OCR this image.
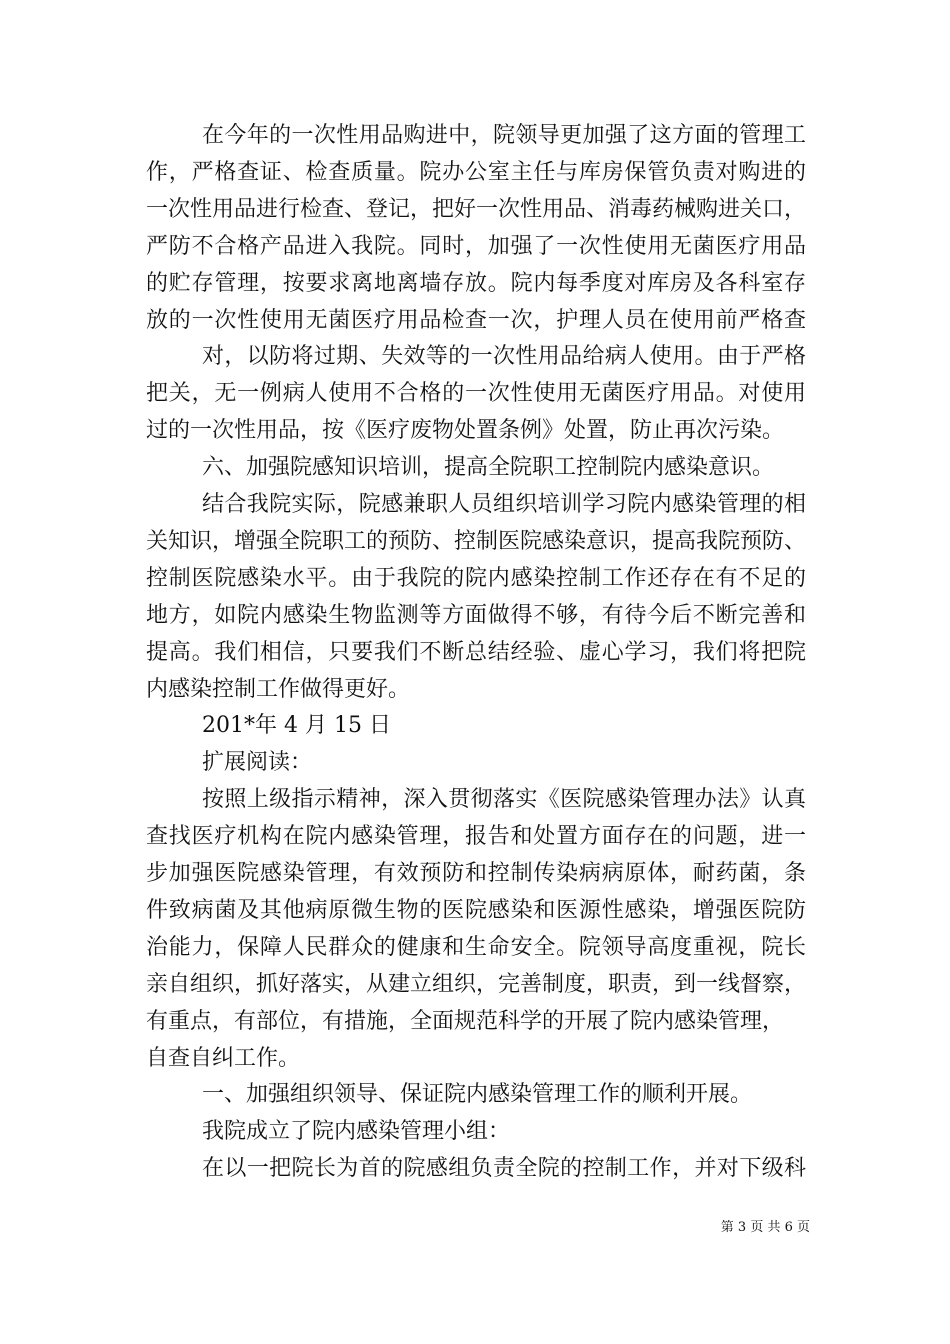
在今年的一次性用品购进中，院领导更加强了这方面的管理工
作，严格查证、检查质量。院办公室主任与库房保管负责对购进的
一次性用品进行检查、登记，把好一次性用品、消毒药械购进关口，
严防不合格产品进入我院。同时，加强了一次性使用无菌医疗用品
的贮存管理，按要求离地离墙存放。院内每季度对库房及各科室存
放的一次性使用无菌医疗用品检查一次，护理人员在使用前严格查
对，以防将过期、失效等的一次性用品给病人使用。由于严格
把关，无一例病人使用不合格的一次性使用无菌医疗用品。对使用
过的一次性用品，按《医疗废物处置条例》处置，防止再次污染。
六、加强院感知识培训，提高全院职工控制院内感染意识。
结合我院实际，院感兼职人员组织培训学习院内感染管理的相
关知识，增强全院职工的预防、控制医院感染意识，提高我院预防、
控制医院感染水平。由于我院的院内感染控制工作还存在有不足的
地方，如院内感染生物监测等方面做得不够，有待今后不断完善和
提高。我们相信，只要我们不断总结经验、虚心学习，我们将把院
内感染控制工作做得更好。
201*年 4 月 15 日
扩展阅读：
按照上级指示精神，深入贯彻落实《医院感染管理办法》认真
查找医疗机构在院内感染管理，报告和处置方面存在的问题，进一
步加强医院感染管理，有效预防和控制传染病病原体，耐药菌，条
件致病菌及其他病原微生物的医院感染和医源性感染，增强医院防
治能力，保障人民群众的健康和生命安全。院领导高度重视，院长
亲自组织，抓好落实，从建立组织，完善制度，职责，到一线督察，
有重点，有部位，有措施，全面规范科学的开展了院内感染管理，
自查自纠工作。
一、加强组织领导、保证院内感染管理工作的顺利开展。
我院成立了院内感染管理小组：
在以一把院长为首的院感组负责全院的控制工作，并对下级科
第 3 页 共 6 页
